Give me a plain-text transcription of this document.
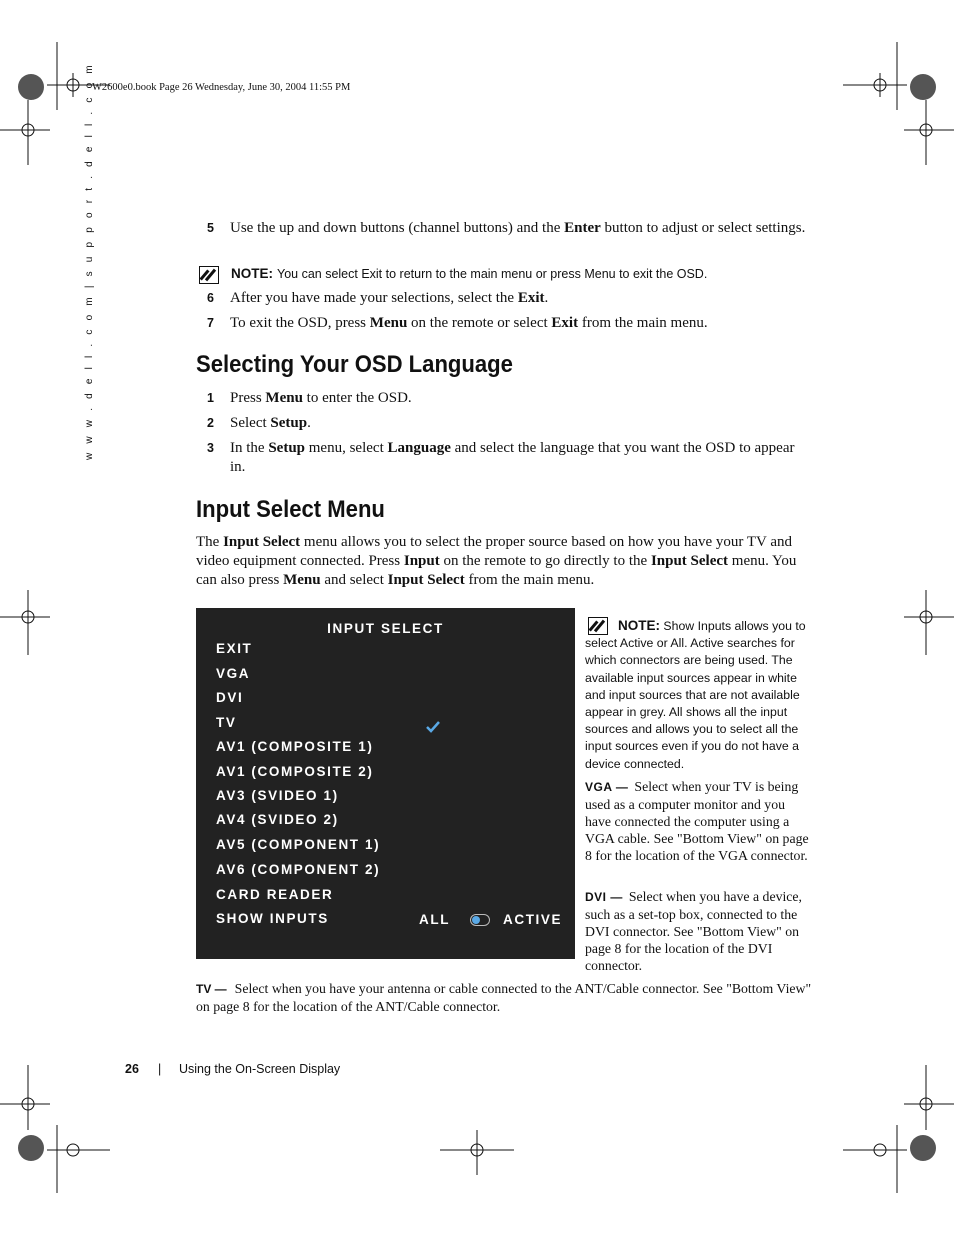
W2600e0.book Page 26 Wednesday, June 30, 2004 11:55 PM
w w w . d e l l . c o m | s u p p o r t . d e l l . c o m	5	Use the up and down buttons (channel buttons) and the Enter button to adjust or select settings.
NOTE: You can select Exit to return to the main menu or press Menu to exit the OSD.
6	After you have made your selections, select the Exit.
7	To exit the OSD, press Menu on the remote or select Exit from the main menu.
Selecting Your OSD Language
1	Press Menu to enter the OSD.
2	Select Setup.
3	In the Setup menu, select Language and select the language that you want the OSD to appear in.
Input Select Menu
The Input Select menu allows you to select the proper source based on how you have your TV and video equipment connected. Press Input on the remote to go directly to the Input Select menu. You can also press Menu and select Input Select from the main menu.
INPUT SELECT
EXIT
VGA
DVI
TV
AV1 (COMPOSITE 1)
AV1 (COMPOSITE 2)
AV3 (SVIDEO 1)
AV4 (SVIDEO 2)
AV5 (COMPONENT 1)
AV6 (COMPONENT 2)
CARD READER
SHOW INPUTS	ALL	ACTIVE
NOTE: Show Inputs allows you to select Active or All. Active searches for which connectors are being used. The available input sources appear in white and input sources that are not available appear in grey. All shows all the input sources and allows you to select all the input sources even if you do not have a device connected.
VGA — Select when your TV is being used as a computer monitor and you have connected the computer using a VGA cable. See "Bottom View" on page 8 for the location of the VGA connector.
DVI — Select when you have a device, such as a set-top box, connected to the DVI connector. See "Bottom View" on page 8 for the location of the DVI connector.
TV — Select when you have your antenna or cable connected to the ANT/Cable connector. See "Bottom View" on page 8 for the location of the ANT/Cable connector.
26 | Using the On-Screen Display
